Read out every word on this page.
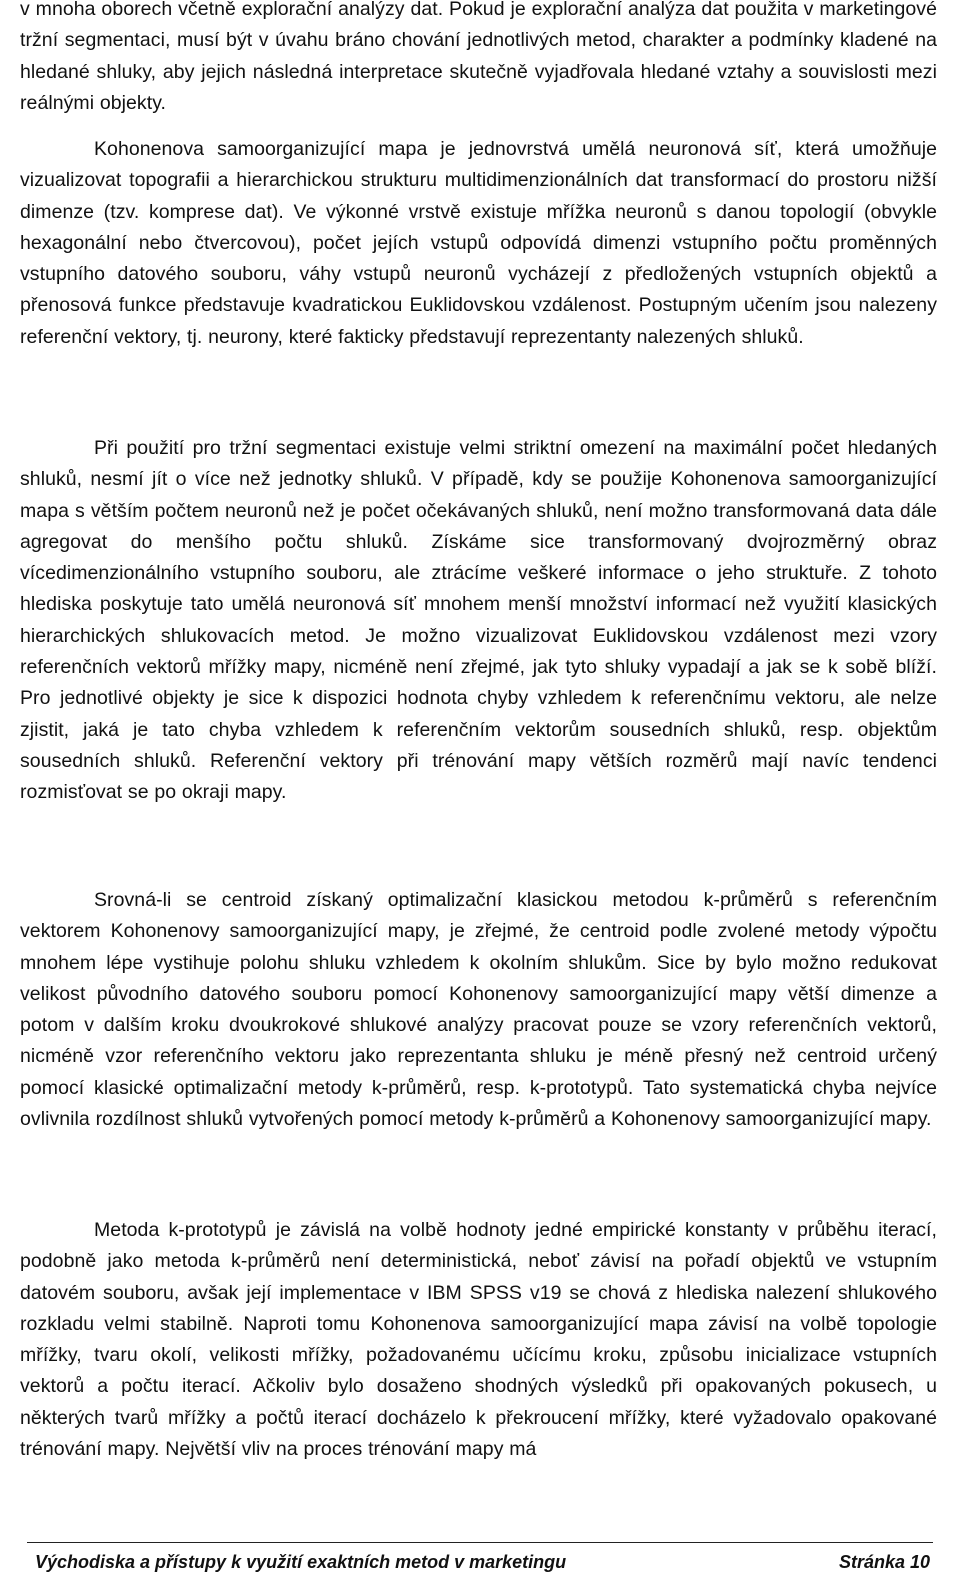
v mnoha oborech včetně explorační analýzy dat. Pokud je explorační analýza dat použita v marketingové tržní segmentaci, musí být v úvahu bráno chování jednotlivých metod, charakter a podmínky kladené na hledané shluky, aby jejich následná interpretace skutečně vyjadřovala hledané vztahy a souvislosti mezi reálnými objekty.

Kohonenova samoorganizující mapa je jednovrstvá umělá neuronová síť, která umožňuje vizualizovat topografii a hierarchickou strukturu multidimenzionálních dat transformací do prostoru nižší dimenze (tzv. komprese dat). Ve výkonné vrstvě existuje mřížka neuronů s danou topologií (obvykle hexagonální nebo čtvercovou), počet jejích vstupů odpovídá dimenzi vstupního počtu proměnných vstupního datového souboru, váhy vstupů neuronů vycházejí z předložených vstupních objektů a přenosová funkce představuje kvadratickou Euklidovskou vzdálenost. Postupným učením jsou nalezeny referenční vektory, tj. neurony, které fakticky představují reprezentanty nalezených shluků.

Při použití pro tržní segmentaci existuje velmi striktní omezení na maximální počet hledaných shluků, nesmí jít o více než jednotky shluků. V případě, kdy se použije Kohonenova samoorganizující mapa s větším počtem neuronů než je počet očekávaných shluků, není možno transformovaná data dále agregovat do menšího počtu shluků. Získáme sice transformovaný dvojrozměrný obraz vícedimenzionálního vstupního souboru, ale ztrácíme veškeré informace o jeho struktuře. Z tohoto hlediska poskytuje tato umělá neuronová síť mnohem menší množství informací než využití klasických hierarchických shlukovacích metod. Je možno vizualizovat Euklidovskou vzdálenost mezi vzory referenčních vektorů mřížky mapy, nicméně není zřejmé, jak tyto shluky vypadají a jak se k sobě blíží. Pro jednotlivé objekty je sice k dispozici hodnota chyby vzhledem k referenčnímu vektoru, ale nelze zjistit, jaká je tato chyba vzhledem k referenčním vektorům sousedních shluků, resp. objektům sousedních shluků. Referenční vektory při trénování mapy větších rozměrů mají navíc tendenci rozmisťovat se po okraji mapy.

Srovná-li se centroid získaný optimalizační klasickou metodou k-průměrů s referenčním vektorem Kohonenovy samoorganizující mapy, je zřejmé, že centroid podle zvolené metody výpočtu mnohem lépe vystihuje polohu shluku vzhledem k okolním shlukům. Sice by bylo možno redukovat velikost původního datového souboru pomocí Kohonenovy samoorganizující mapy větší dimenze a potom v dalším kroku dvoukrokové shlukové analýzy pracovat pouze se vzory referenčních vektorů, nicméně vzor referenčního vektoru jako reprezentanta shluku je méně přesný než centroid určený pomocí klasické optimalizační metody k-průměrů, resp. k-prototypů. Tato systematická chyba nejvíce ovlivnila rozdílnost shluků vytvořených pomocí metody k-průměrů a Kohonenovy samoorganizující mapy.

Metoda k-prototypů je závislá na volbě hodnoty jedné empirické konstanty v průběhu iterací, podobně jako metoda k-průměrů není deterministická, neboť závisí na pořadí objektů ve vstupním datovém souboru, avšak její implementace v IBM SPSS v19 se chová z hlediska nalezení shlukového rozkladu velmi stabilně. Naproti tomu Kohonenova samoorganizující mapa závisí na volbě topologie mřížky, tvaru okolí, velikosti mřížky, požadovanému učícímu kroku, způsobu inicializace vstupních vektorů a počtu iterací. Ačkoliv bylo dosaženo shodných výsledků při opakovaných pokusech, u některých tvarů mřížky a počtů iterací docházelo k překroucení mřížky, které vyžadovalo opakované trénování mapy. Největší vliv na proces trénování mapy má

Východiska a přístupy k využití exaktních metod v marketingu	Stránka 10
